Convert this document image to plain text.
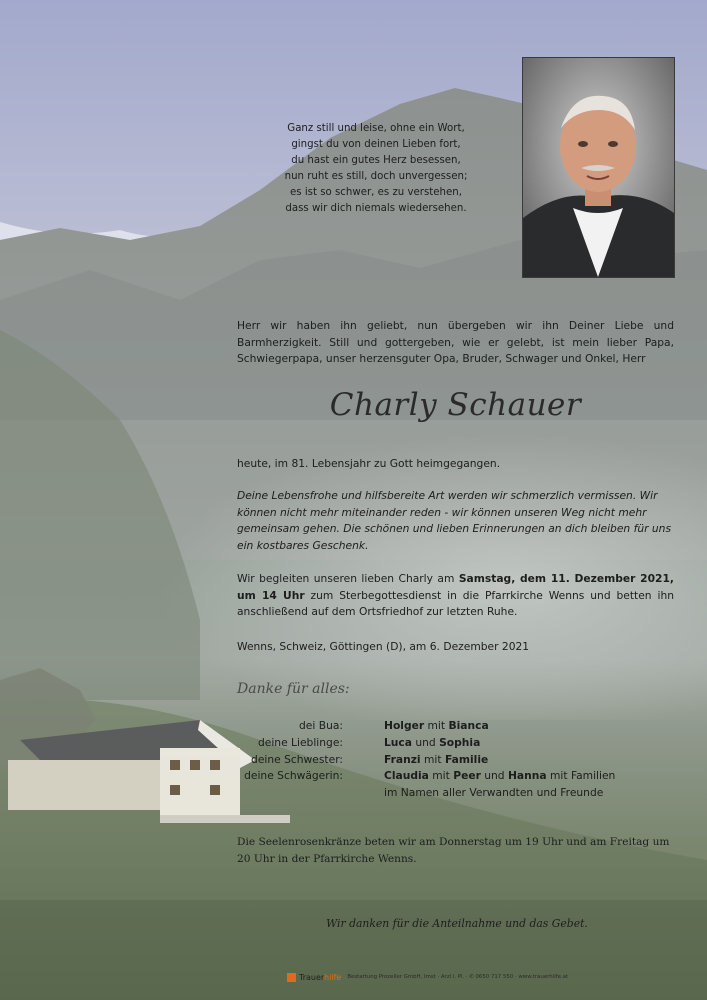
Ganz still und leise, ohne ein Wort,
gingst du von deinen Lieben fort,
du hast ein gutes Herz besessen,
nun ruht es still, doch unvergessen;
es ist so schwer, es zu verstehen,
dass wir dich niemals wiedersehen.
Herr wir haben ihn geliebt, nun übergeben wir ihn Deiner Liebe und Barmherzigkeit. Still und gottergeben, wie er gelebt, ist mein lieber Papa, Schwiegerpapa, unser herzensguter Opa, Bruder, Schwager und Onkel, Herr
Charly Schauer
heute, im 81. Lebensjahr zu Gott heimgegangen.
Deine Lebensfrohe und hilfsbereite Art werden wir schmerzlich vermissen. Wir können nicht mehr miteinander reden - wir können unseren Weg nicht mehr gemeinsam gehen. Die schönen und lieben Erinnerungen an dich bleiben für uns ein kostbares Geschenk.
Wir begleiten unseren lieben Charly am Samstag, dem 11. Dezember 2021, um 14 Uhr zum Sterbegottesdienst in die Pfarrkirche Wenns und betten ihn anschließend auf dem Ortsfriedhof zur letzten Ruhe.
Wenns, Schweiz, Göttingen (D), am 6. Dezember 2021
Danke für alles:
dei Bua:	Holger mit Bianca
deine Lieblinge:	Luca und Sophia
deine Schwester:	Franzi mit Familie
deine Schwägerin:	Claudia mit Peer und Hanna mit Familien
im Namen aller Verwandten und Freunde
Die Seelenrosenkränze beten wir am Donnerstag um 19 Uhr und am Freitag um 20 Uhr in der Pfarrkirche Wenns.
Wir danken für die Anteilnahme und das Gebet.
Trauerhilfe Bestattung Prozeller GmbH, Imst · Arzl i. Pi. · ✆ 0650 717 550 · www.trauerhilfe.at
